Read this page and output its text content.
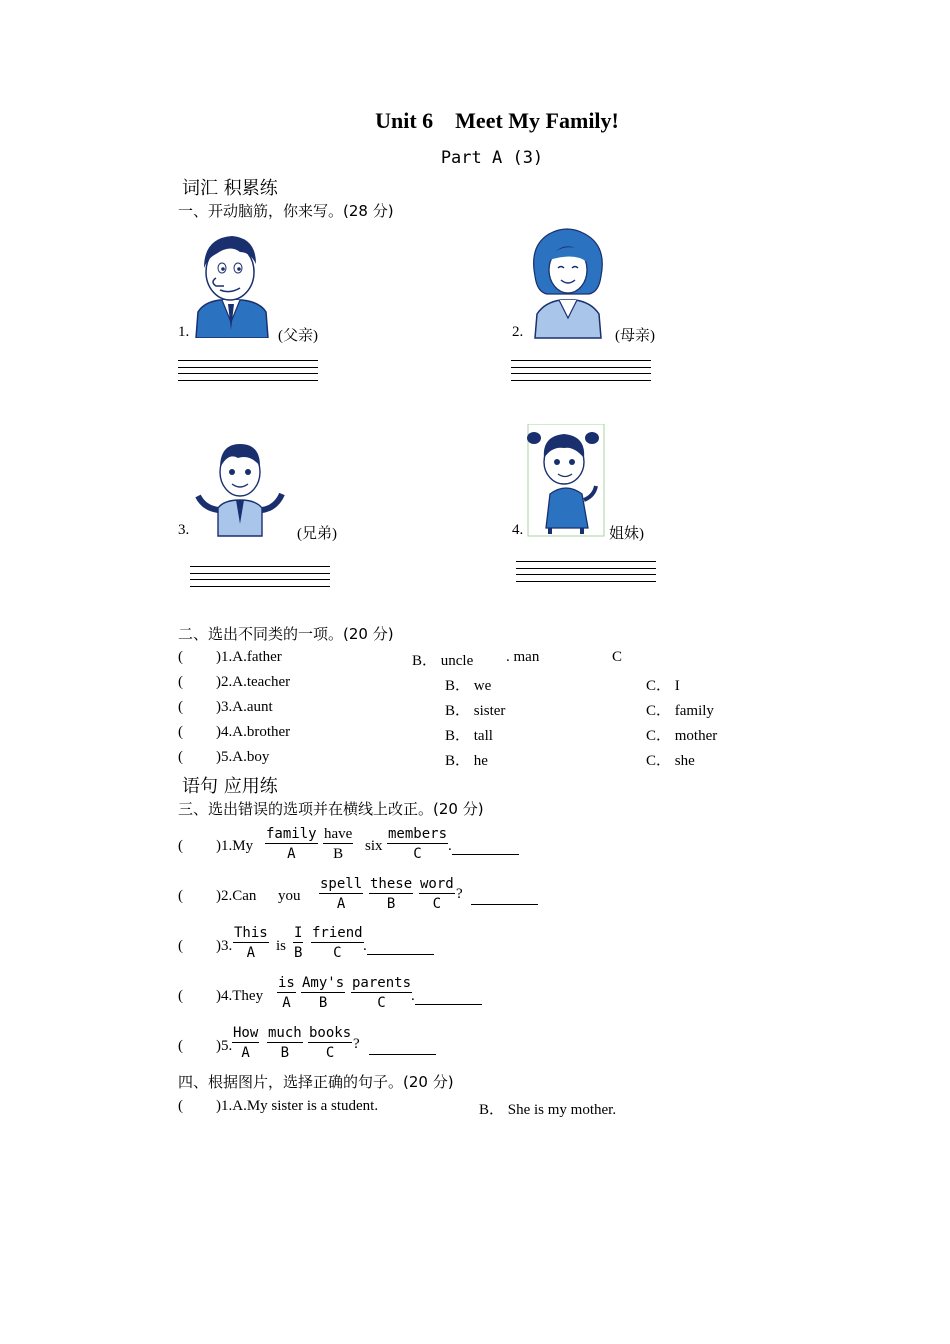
Unit 6    Meet My Family!
Part A (3)
词汇 积累练
一、开动脑筋，你来写。(28 分)
1.	(父亲)	2.	(母亲)
3.	(兄弟)	4.	姐妹)
二、选出不同类的一项。(20 分)
( )1.A.father	B． uncle . man	C
( )2.A.teacher	B． we	C． I
( )3.A.aunt	B． sister	C． family
( )4.A.brother	B． tall	C． mother
( )5.A.boy	B． he	C． she
语句 应用练
三、选出错误的选项并在横线上改正。(20 分)
( )1.My
family
A
have
B	six
members
C	.
( )2.Can you
spell
A
these
B
word
C
?
( )3.
This
A	is
I
B
friend
C	.
( )4.They
is
A
Amy's
B
parents
C	.
( )5.
How
A
much
B
books
C
?
四、根据图片，选择正确的句子。(20 分)
( )1.A.My sister is a student.	B． She is my mother.
